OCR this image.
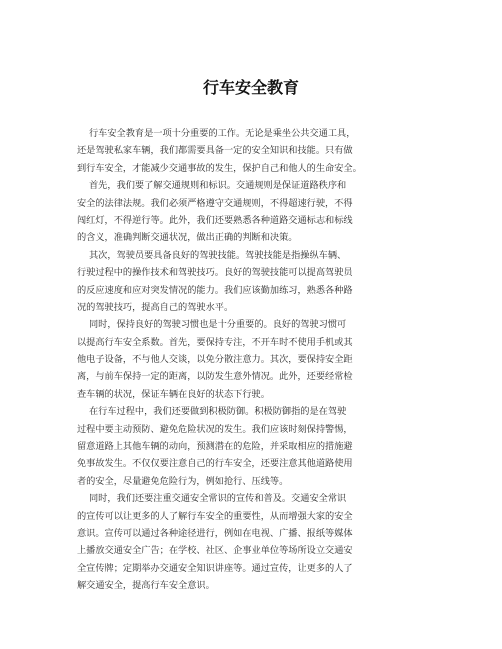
行车安全教育
行车安全教育是一项十分重要的工作。无论是乘坐公共交通工具，
还是驾驶私家车辆，我们都需要具备一定的安全知识和技能。只有做
到行车安全，才能减少交通事故的发生，保护自己和他人的生命安全。
首先，我们要了解交通规则和标识。交通规则是保证道路秩序和
安全的法律法规。我们必须严格遵守交通规则，不得超速行驶，不得
闯红灯，不得逆行等。此外，我们还要熟悉各种道路交通标志和标线
的含义，准确判断交通状况，做出正确的判断和决策。
其次，驾驶员要具备良好的驾驶技能。驾驶技能是指操纵车辆、
行驶过程中的操作技术和驾驶技巧。良好的驾驶技能可以提高驾驶员
的反应速度和应对突发情况的能力。我们应该勤加练习，熟悉各种路
况的驾驶技巧，提高自己的驾驶水平。
同时，保持良好的驾驶习惯也是十分重要的。良好的驾驶习惯可
以提高行车安全系数。首先，要保持专注，不开车时不使用手机或其
他电子设备，不与他人交谈，以免分散注意力。其次，要保持安全距
离，与前车保持一定的距离，以防发生意外情况。此外，还要经常检
查车辆的状况，保证车辆在良好的状态下行驶。
在行车过程中，我们还要做到积极防御。积极防御指的是在驾驶
过程中要主动预防、避免危险状况的发生。我们应该时刻保持警惕，
留意道路上其他车辆的动向，预测潜在的危险，并采取相应的措施避
免事故发生。不仅仅要注意自己的行车安全，还要注意其他道路使用
者的安全，尽量避免危险行为，例如抢行、压线等。
同时，我们还要注重交通安全常识的宣传和普及。交通安全常识
的宣传可以让更多的人了解行车安全的重要性，从而增强大家的安全
意识。宣传可以通过各种途径进行，例如在电视、广播、报纸等媒体
上播放交通安全广告；在学校、社区、企事业单位等场所设立交通安
全宣传牌；定期举办交通安全知识讲座等。通过宣传，让更多的人了
解交通安全，提高行车安全意识。
